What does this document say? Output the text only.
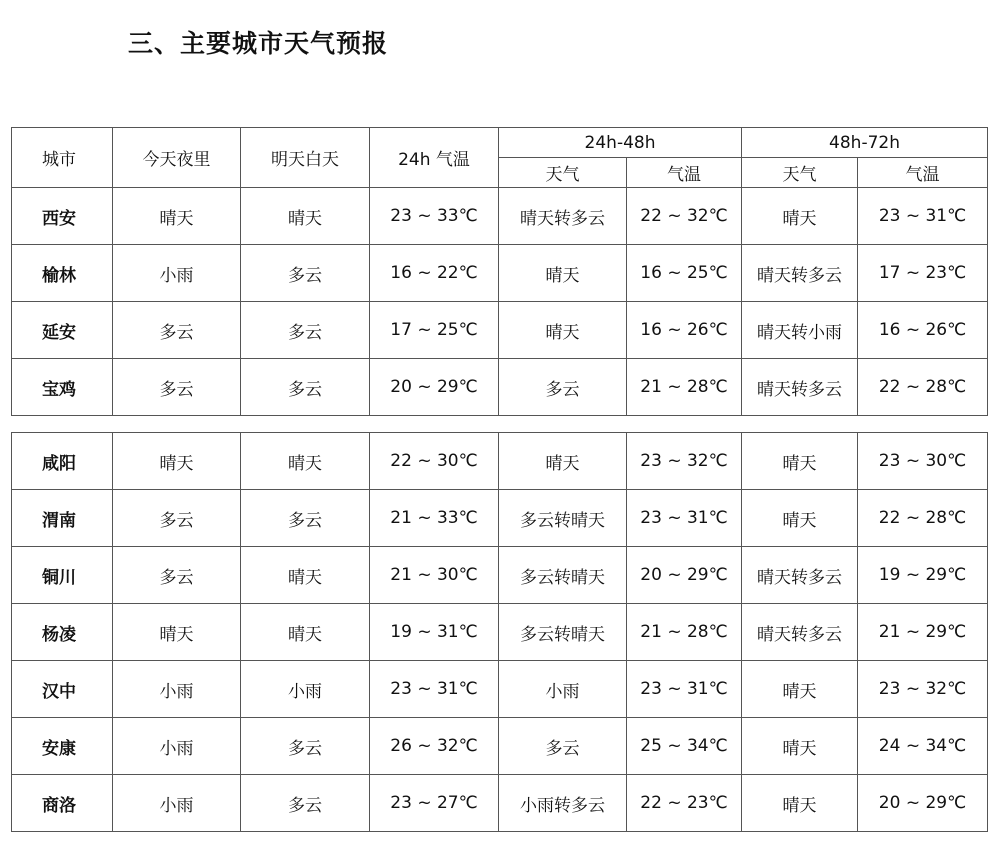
三、主要城市天气预报
城市	今天夜里	明天白天	24h 气温	24h-48h		48h-72h	
				天气	气温	天气	气温
西安	晴天	晴天	23 ~ 33℃	晴天转多云	22 ~ 32℃	晴天	23 ~ 31℃
榆林	小雨	多云	16 ~ 22℃	晴天	16 ~ 25℃	晴天转多云	17 ~ 23℃
延安	多云	多云	17 ~ 25℃	晴天	16 ~ 26℃	晴天转小雨	16 ~ 26℃
宝鸡	多云	多云	20 ~ 29℃	多云	21 ~ 28℃	晴天转多云	22 ~ 28℃
咸阳	晴天	晴天	22 ~ 30℃	晴天	23 ~ 32℃	晴天	23 ~ 30℃
渭南	多云	多云	21 ~ 33℃	多云转晴天	23 ~ 31℃	晴天	22 ~ 28℃
铜川	多云	晴天	21 ~ 30℃	多云转晴天	20 ~ 29℃	晴天转多云	19 ~ 29℃
杨凌	晴天	晴天	19 ~ 31℃	多云转晴天	21 ~ 28℃	晴天转多云	21 ~ 29℃
汉中	小雨	小雨	23 ~ 31℃	小雨	23 ~ 31℃	晴天	23 ~ 32℃
安康	小雨	多云	26 ~ 32℃	多云	25 ~ 34℃	晴天	24 ~ 34℃
商洛	小雨	多云	23 ~ 27℃	小雨转多云	22 ~ 23℃	晴天	20 ~ 29℃
